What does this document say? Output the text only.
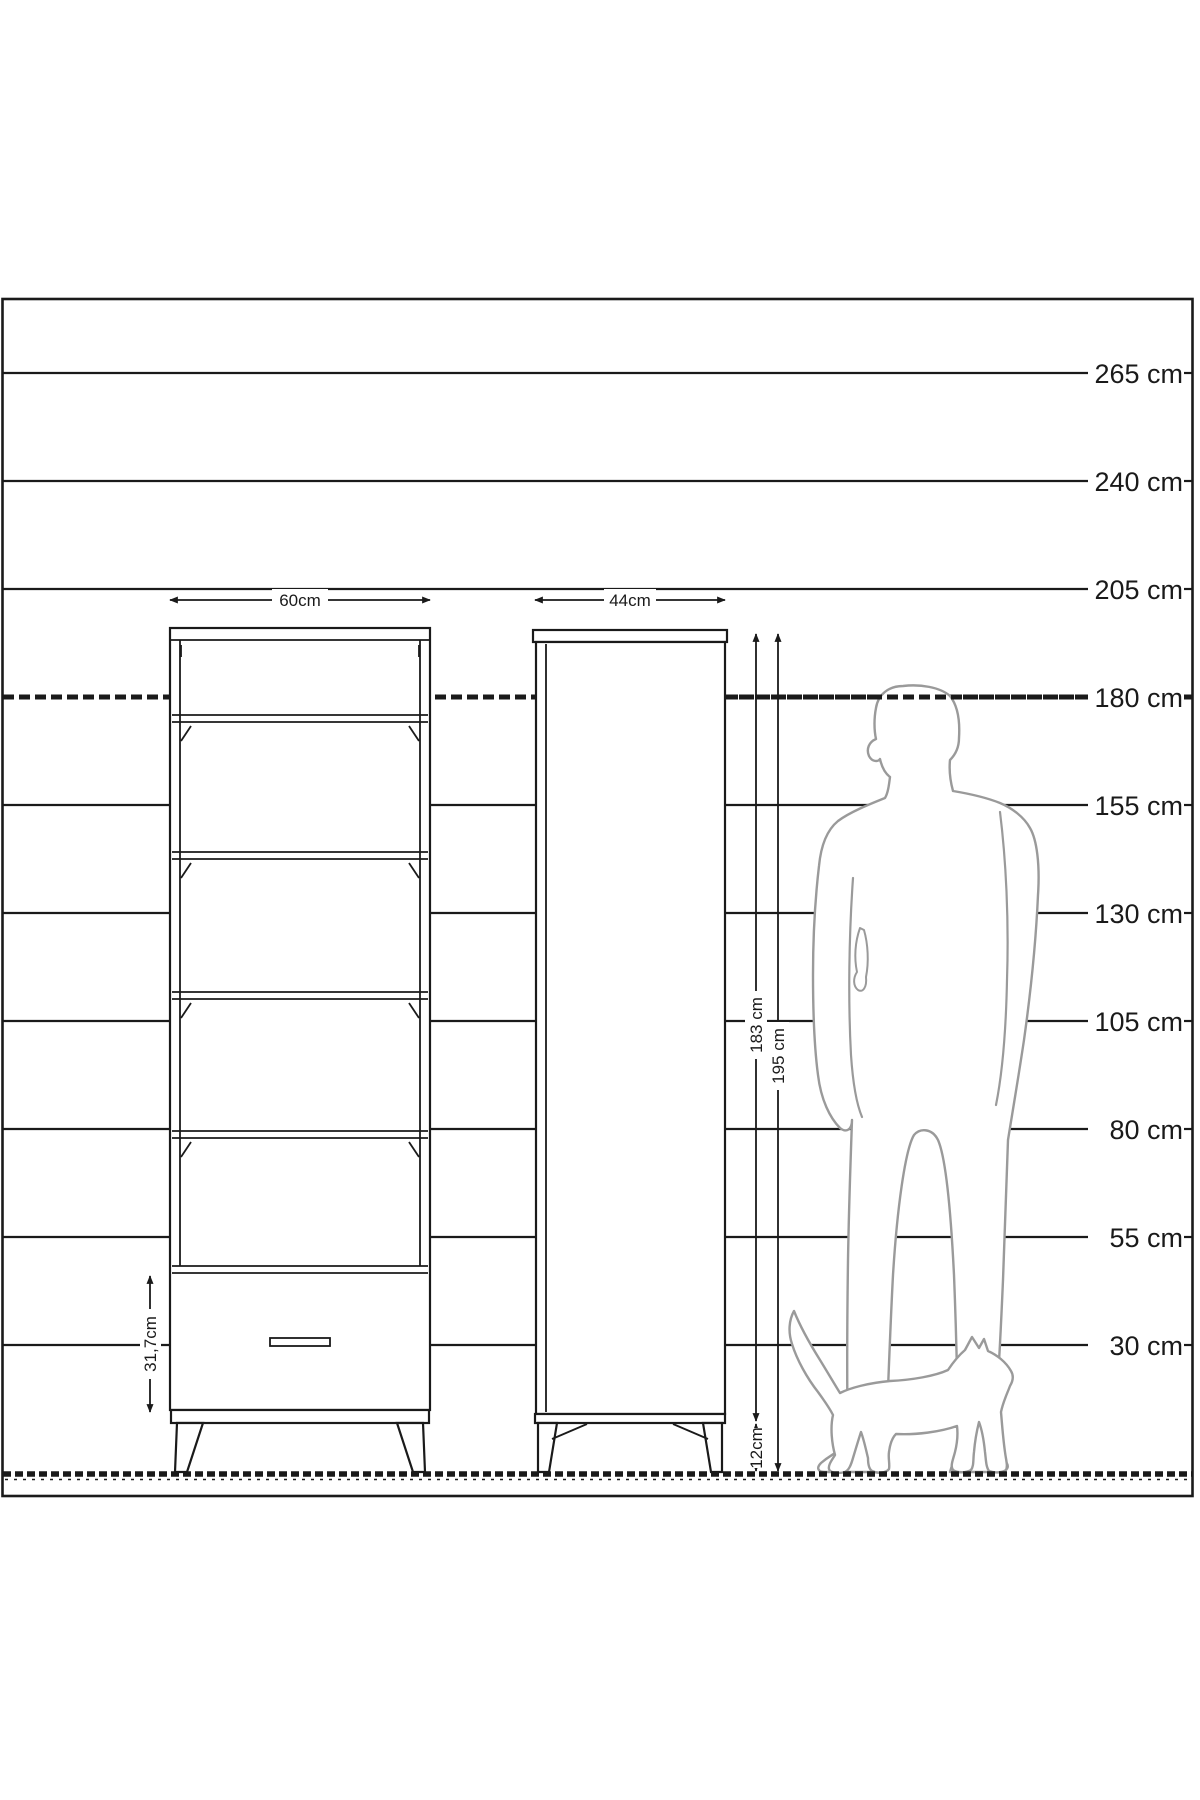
265 cm
240 cm
205 cm
180 cm
155 cm
130 cm
105 cm
80 cm
55 cm
30 cm
60cm
31,7cm
44cm
183 cm
195 cm
12cm
